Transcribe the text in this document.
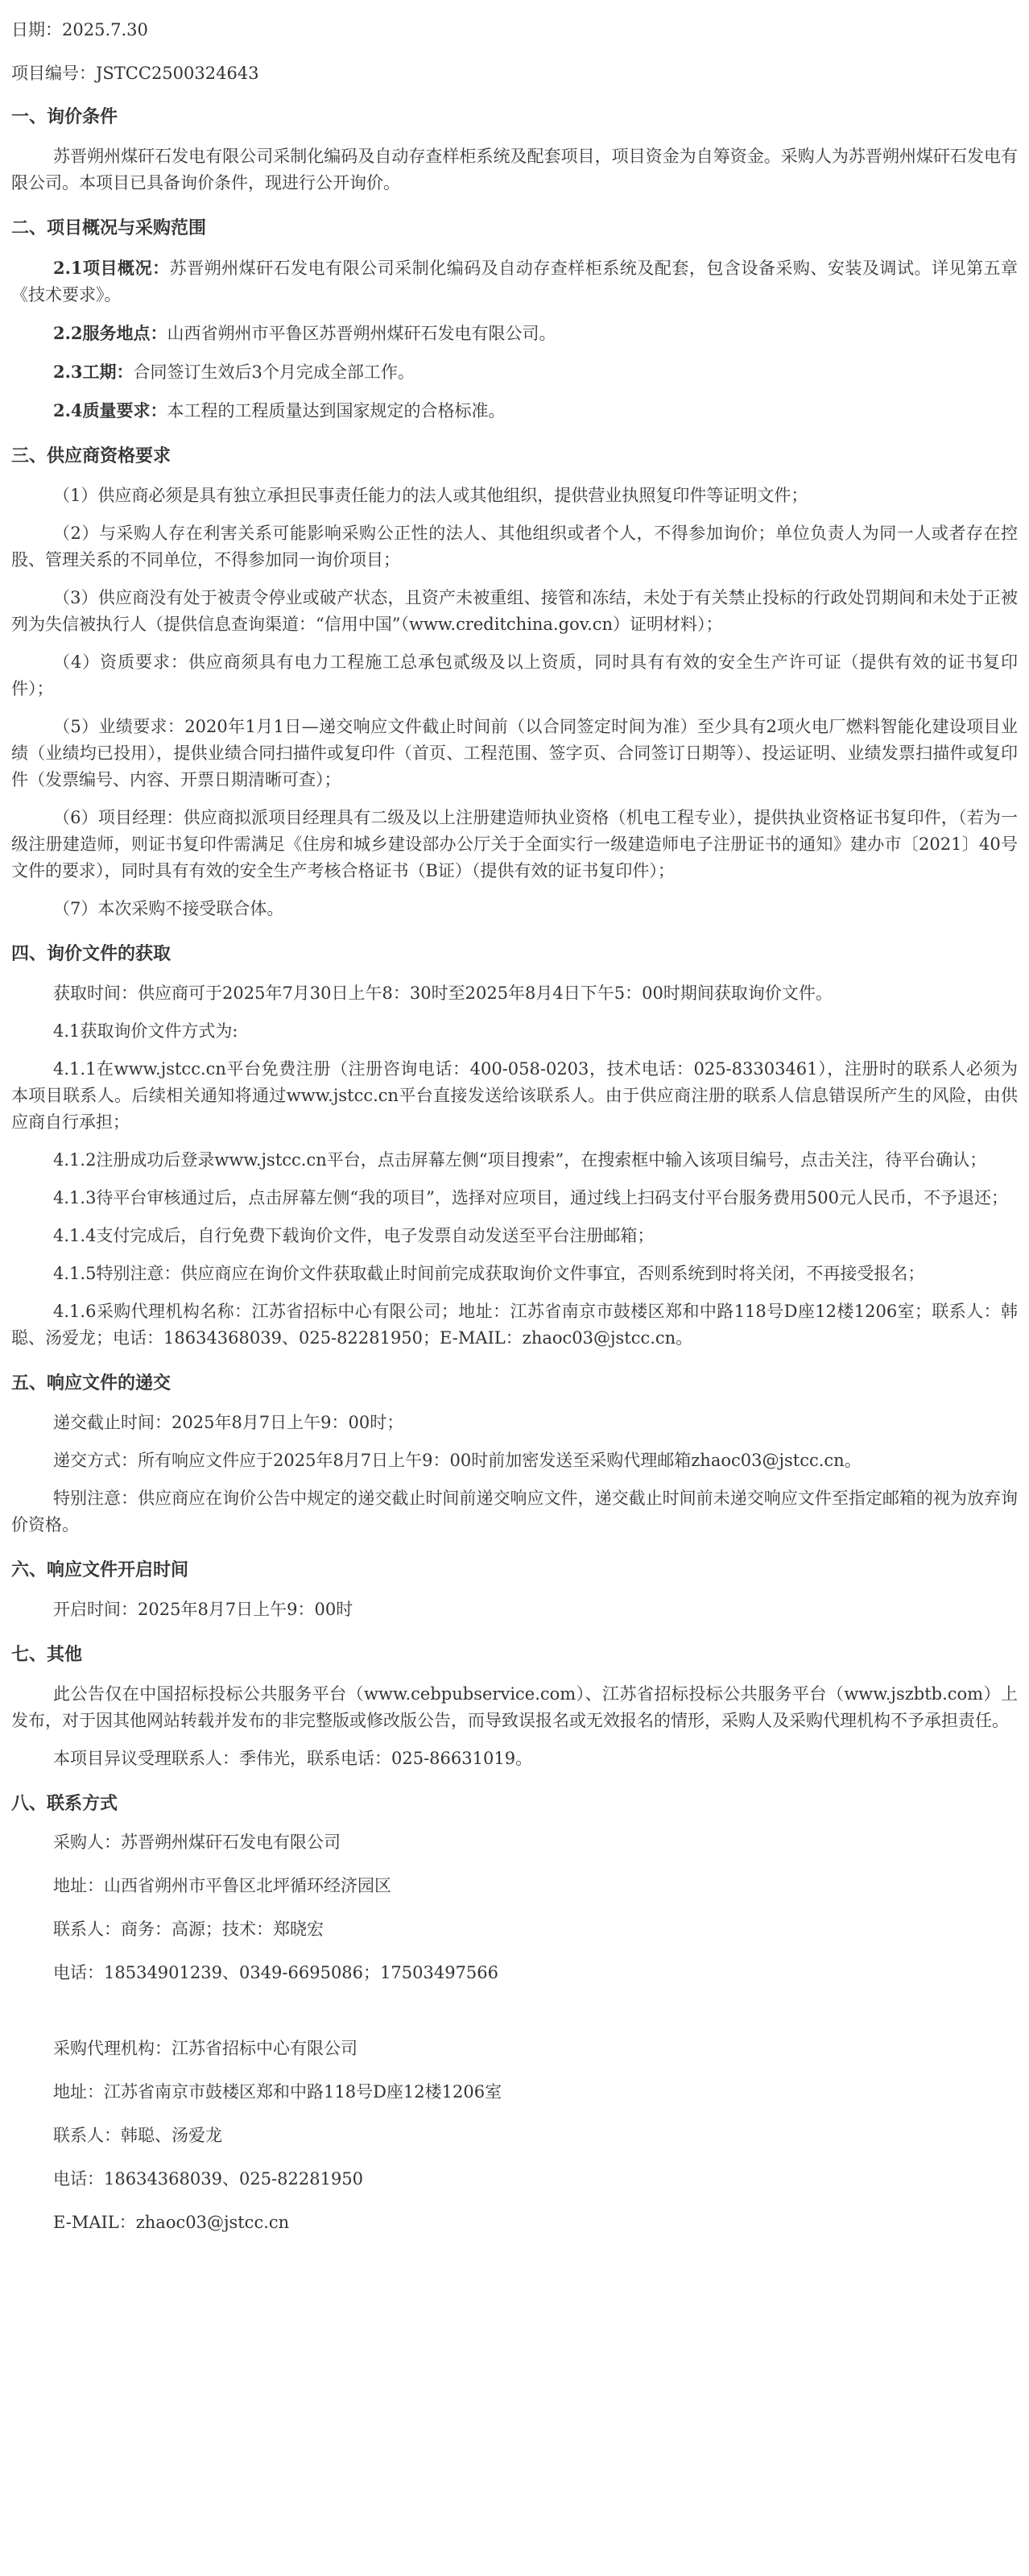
日期：2025.7.30
项目编号：JSTCC2500324643
一、询价条件
苏晋朔州煤矸石发电有限公司采制化编码及自动存查样柜系统及配套项目，项目资金为自筹资金。采购人为苏晋朔州煤矸石发电有限公司。本项目已具备询价条件，现进行公开询价。
二、项目概况与采购范围
2.1项目概况：苏晋朔州煤矸石发电有限公司采制化编码及自动存查样柜系统及配套，包含设备采购、安装及调试。详见第五章《技术要求》。
2.2服务地点：山西省朔州市平鲁区苏晋朔州煤矸石发电有限公司。
2.3工期：合同签订生效后3个月完成全部工作。
2.4质量要求：本工程的工程质量达到国家规定的合格标准。
三、供应商资格要求
（1）供应商必须是具有独立承担民事责任能力的法人或其他组织，提供营业执照复印件等证明文件；
（2）与采购人存在利害关系可能影响采购公正性的法人、其他组织或者个人，不得参加询价；单位负责人为同一人或者存在控股、管理关系的不同单位，不得参加同一询价项目；
（3）供应商没有处于被责令停业或破产状态，且资产未被重组、接管和冻结，未处于有关禁止投标的行政处罚期间和未处于正被列为失信被执行人（提供信息查询渠道：“信用中国”（www.creditchina.gov.cn）证明材料）；
（4）资质要求：供应商须具有电力工程施工总承包贰级及以上资质，同时具有有效的安全生产许可证（提供有效的证书复印件）；
（5）业绩要求：2020年1月1日—递交响应文件截止时间前（以合同签定时间为准）至少具有2项火电厂燃料智能化建设项目业绩（业绩均已投用），提供业绩合同扫描件或复印件（首页、工程范围、签字页、合同签订日期等）、投运证明、业绩发票扫描件或复印件（发票编号、内容、开票日期清晰可查）；
（6）项目经理：供应商拟派项目经理具有二级及以上注册建造师执业资格（机电工程专业），提供执业资格证书复印件，（若为一级注册建造师，则证书复印件需满足《住房和城乡建设部办公厅关于全面实行一级建造师电子注册证书的通知》建办市〔2021〕40号文件的要求），同时具有有效的安全生产考核合格证书（B证）（提供有效的证书复印件）；
（7）本次采购不接受联合体。
四、询价文件的获取
获取时间：供应商可于2025年7月30日上午8：30时至2025年8月4日下午5：00时期间获取询价文件。
4.1获取询价文件方式为:
4.1.1在www.jstcc.cn平台免费注册（注册咨询电话：400-058-0203，技术电话：025-83303461），注册时的联系人必须为本项目联系人。后续相关通知将通过www.jstcc.cn平台直接发送给该联系人。由于供应商注册的联系人信息错误所产生的风险，由供应商自行承担；
4.1.2注册成功后登录www.jstcc.cn平台，点击屏幕左侧“项目搜索”，在搜索框中输入该项目编号，点击关注，待平台确认；
4.1.3待平台审核通过后，点击屏幕左侧“我的项目”，选择对应项目，通过线上扫码支付平台服务费用500元人民币，不予退还；
4.1.4支付完成后，自行免费下载询价文件，电子发票自动发送至平台注册邮箱；
4.1.5特别注意：供应商应在询价文件获取截止时间前完成获取询价文件事宜，否则系统到时将关闭，不再接受报名；
4.1.6采购代理机构名称：江苏省招标中心有限公司；地址：江苏省南京市鼓楼区郑和中路118号D座12楼1206室；联系人：韩聪、汤爱龙；电话：18634368039、025-82281950；E-MAIL：zhaoc03@jstcc.cn。
五、响应文件的递交
递交截止时间：2025年8月7日上午9：00时；
递交方式：所有响应文件应于2025年8月7日上午9：00时前加密发送至采购代理邮箱zhaoc03@jstcc.cn。
特别注意：供应商应在询价公告中规定的递交截止时间前递交响应文件，递交截止时间前未递交响应文件至指定邮箱的视为放弃询价资格。
六、响应文件开启时间
开启时间：2025年8月7日上午9：00时
七、其他
此公告仅在中国招标投标公共服务平台（www.cebpubservice.com）、江苏省招标投标公共服务平台（www.jszbtb.com）上发布，对于因其他网站转载并发布的非完整版或修改版公告，而导致误报名或无效报名的情形，采购人及采购代理机构不予承担责任。
本项目异议受理联系人：季伟光，联系电话：025-86631019。
八、联系方式
采购人：苏晋朔州煤矸石发电有限公司
地址：山西省朔州市平鲁区北坪循环经济园区
联系人：商务：高源；技术：郑晓宏
电话：18534901239、0349-6695086；17503497566
采购代理机构：江苏省招标中心有限公司
地址：江苏省南京市鼓楼区郑和中路118号D座12楼1206室
联系人：韩聪、汤爱龙
电话：18634368039、025-82281950
E-MAIL：zhaoc03@jstcc.cn
